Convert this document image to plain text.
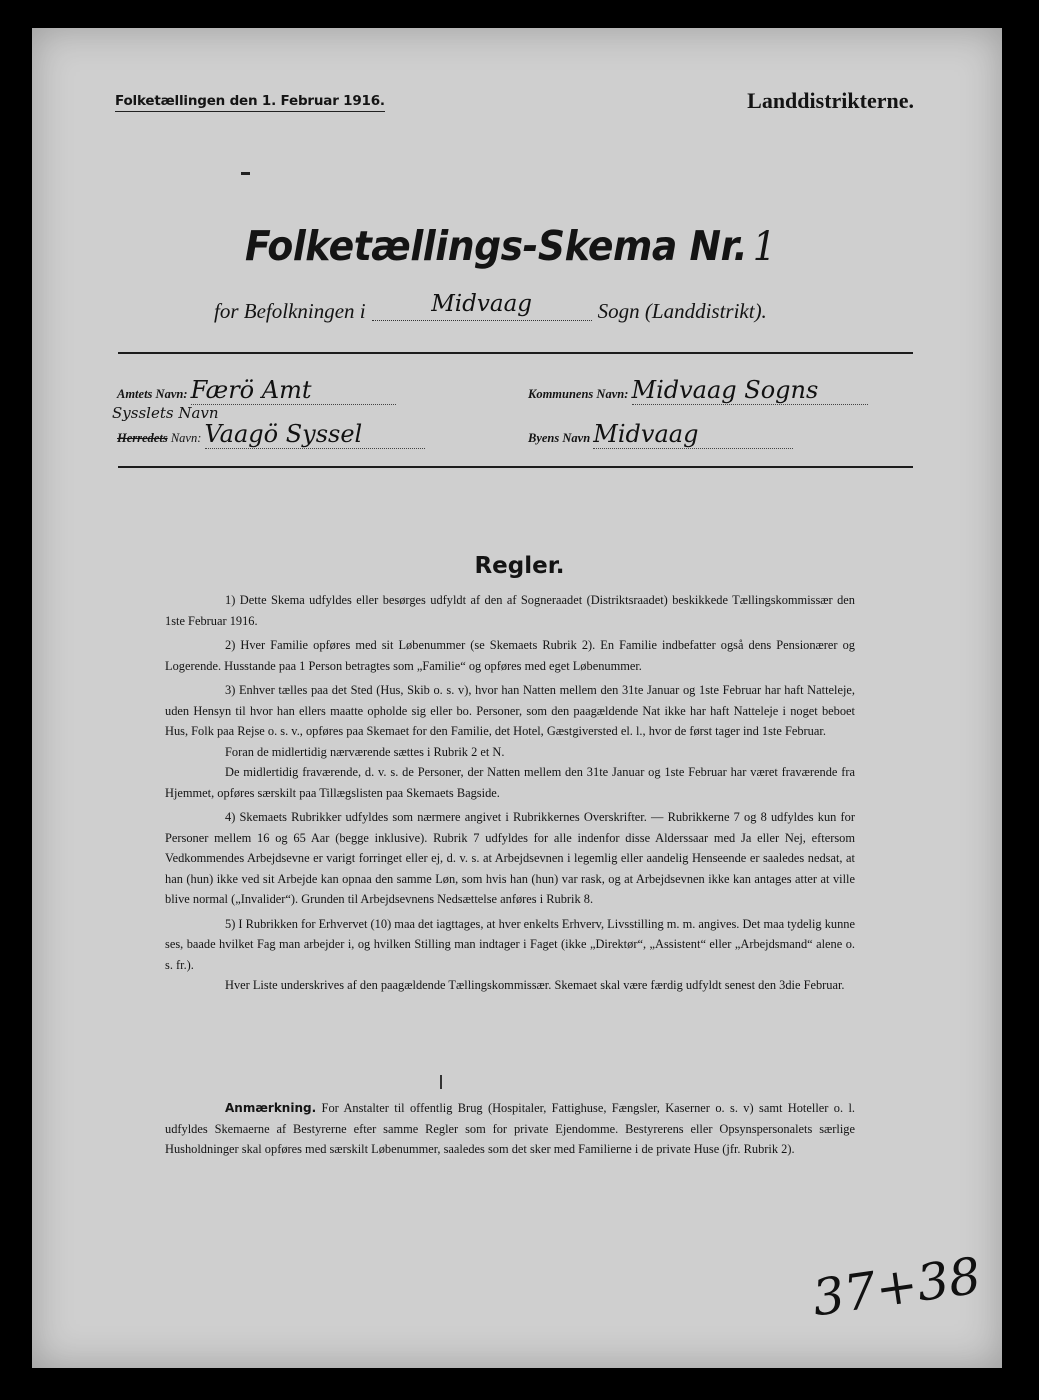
Folketællingen den 1. Februar 1916.	Landdistrikterne.
Folketællings-Skema Nr. 1
for Befolkningen i	Midvaag	Sogn (Landdistrikt).
Amtets Navn: Færö Amt	Kommunens Navn: Midvaag Sogns
Sysslets Navn
Herredets Navn: Vaagö Syssel	Byens Navn Midvaag
Regler.

1) Dette Skema udfyldes eller besørges udfyldt af den af Sogneraadet (Distriktsraadet) beskikkede Tællingskommissær den 1ste Februar 1916.

2) Hver Familie opføres med sit Løbenummer (se Skemaets Rubrik 2). En Familie indbefatter også dens Pensionærer og Logerende. Husstande paa 1 Person betragtes som „Familie“ og opføres med eget Løbenummer.

3) Enhver tælles paa det Sted (Hus, Skib o. s. v), hvor han Natten mellem den 31te Januar og 1ste Februar har haft Natteleje, uden Hensyn til hvor han ellers maatte opholde sig eller bo. Personer, som den paagældende Nat ikke har haft Natteleje i noget beboet Hus, Folk paa Rejse o. s. v., opføres paa Skemaet for den Familie, det Hotel, Gæstgiversted el. l., hvor de først tager ind 1ste Februar.

Foran de midlertidig nærværende sættes i Rubrik 2 et N.

De midlertidig fraværende, d. v. s. de Personer, der Natten mellem den 31te Januar og 1ste Februar har været fraværende fra Hjemmet, opføres særskilt paa Tillægslisten paa Skemaets Bagside.

4) Skemaets Rubrikker udfyldes som nærmere angivet i Rubrikkernes Overskrifter. — Rubrikkerne 7 og 8 udfyldes kun for Personer mellem 16 og 65 Aar (begge inklusive). Rubrik 7 udfyldes for alle indenfor disse Alderssaar med Ja eller Nej, eftersom Vedkommendes Arbejdsevne er varigt forringet eller ej, d. v. s. at Arbejdsevnen i legemlig eller aandelig Henseende er saaledes nedsat, at han (hun) ikke ved sit Arbejde kan opnaa den samme Løn, som hvis han (hun) var rask, og at Arbejdsevnen ikke kan antages atter at ville blive normal („Invalider“). Grunden til Arbejdsevnens Nedsættelse anføres i Rubrik 8.

5) I Rubrikken for Erhvervet (10) maa det iagttages, at hver enkelts Erhverv, Livsstilling m. m. angives. Det maa tydelig kunne ses, baade hvilket Fag man arbejder i, og hvilken Stilling man indtager i Faget (ikke „Direktør“, „Assistent“ eller „Arbejdsmand“ alene o. s. fr.).

Hver Liste underskrives af den paagældende Tællingskommissær. Skemaet skal være færdig udfyldt senest den 3die Februar.

Anmærkning. For Anstalter til offentlig Brug (Hospitaler, Fattighuse, Fængsler, Kaserner o. s. v) samt Hoteller o. l. udfyldes Skemaerne af Bestyrerne efter samme Regler som for private Ejendomme. Bestyrerens eller Opsynspersonalets særlige Husholdninger skal opføres med særskilt Løbenummer, saaledes som det sker med Familierne i de private Huse (jfr. Rubrik 2).
37+38
